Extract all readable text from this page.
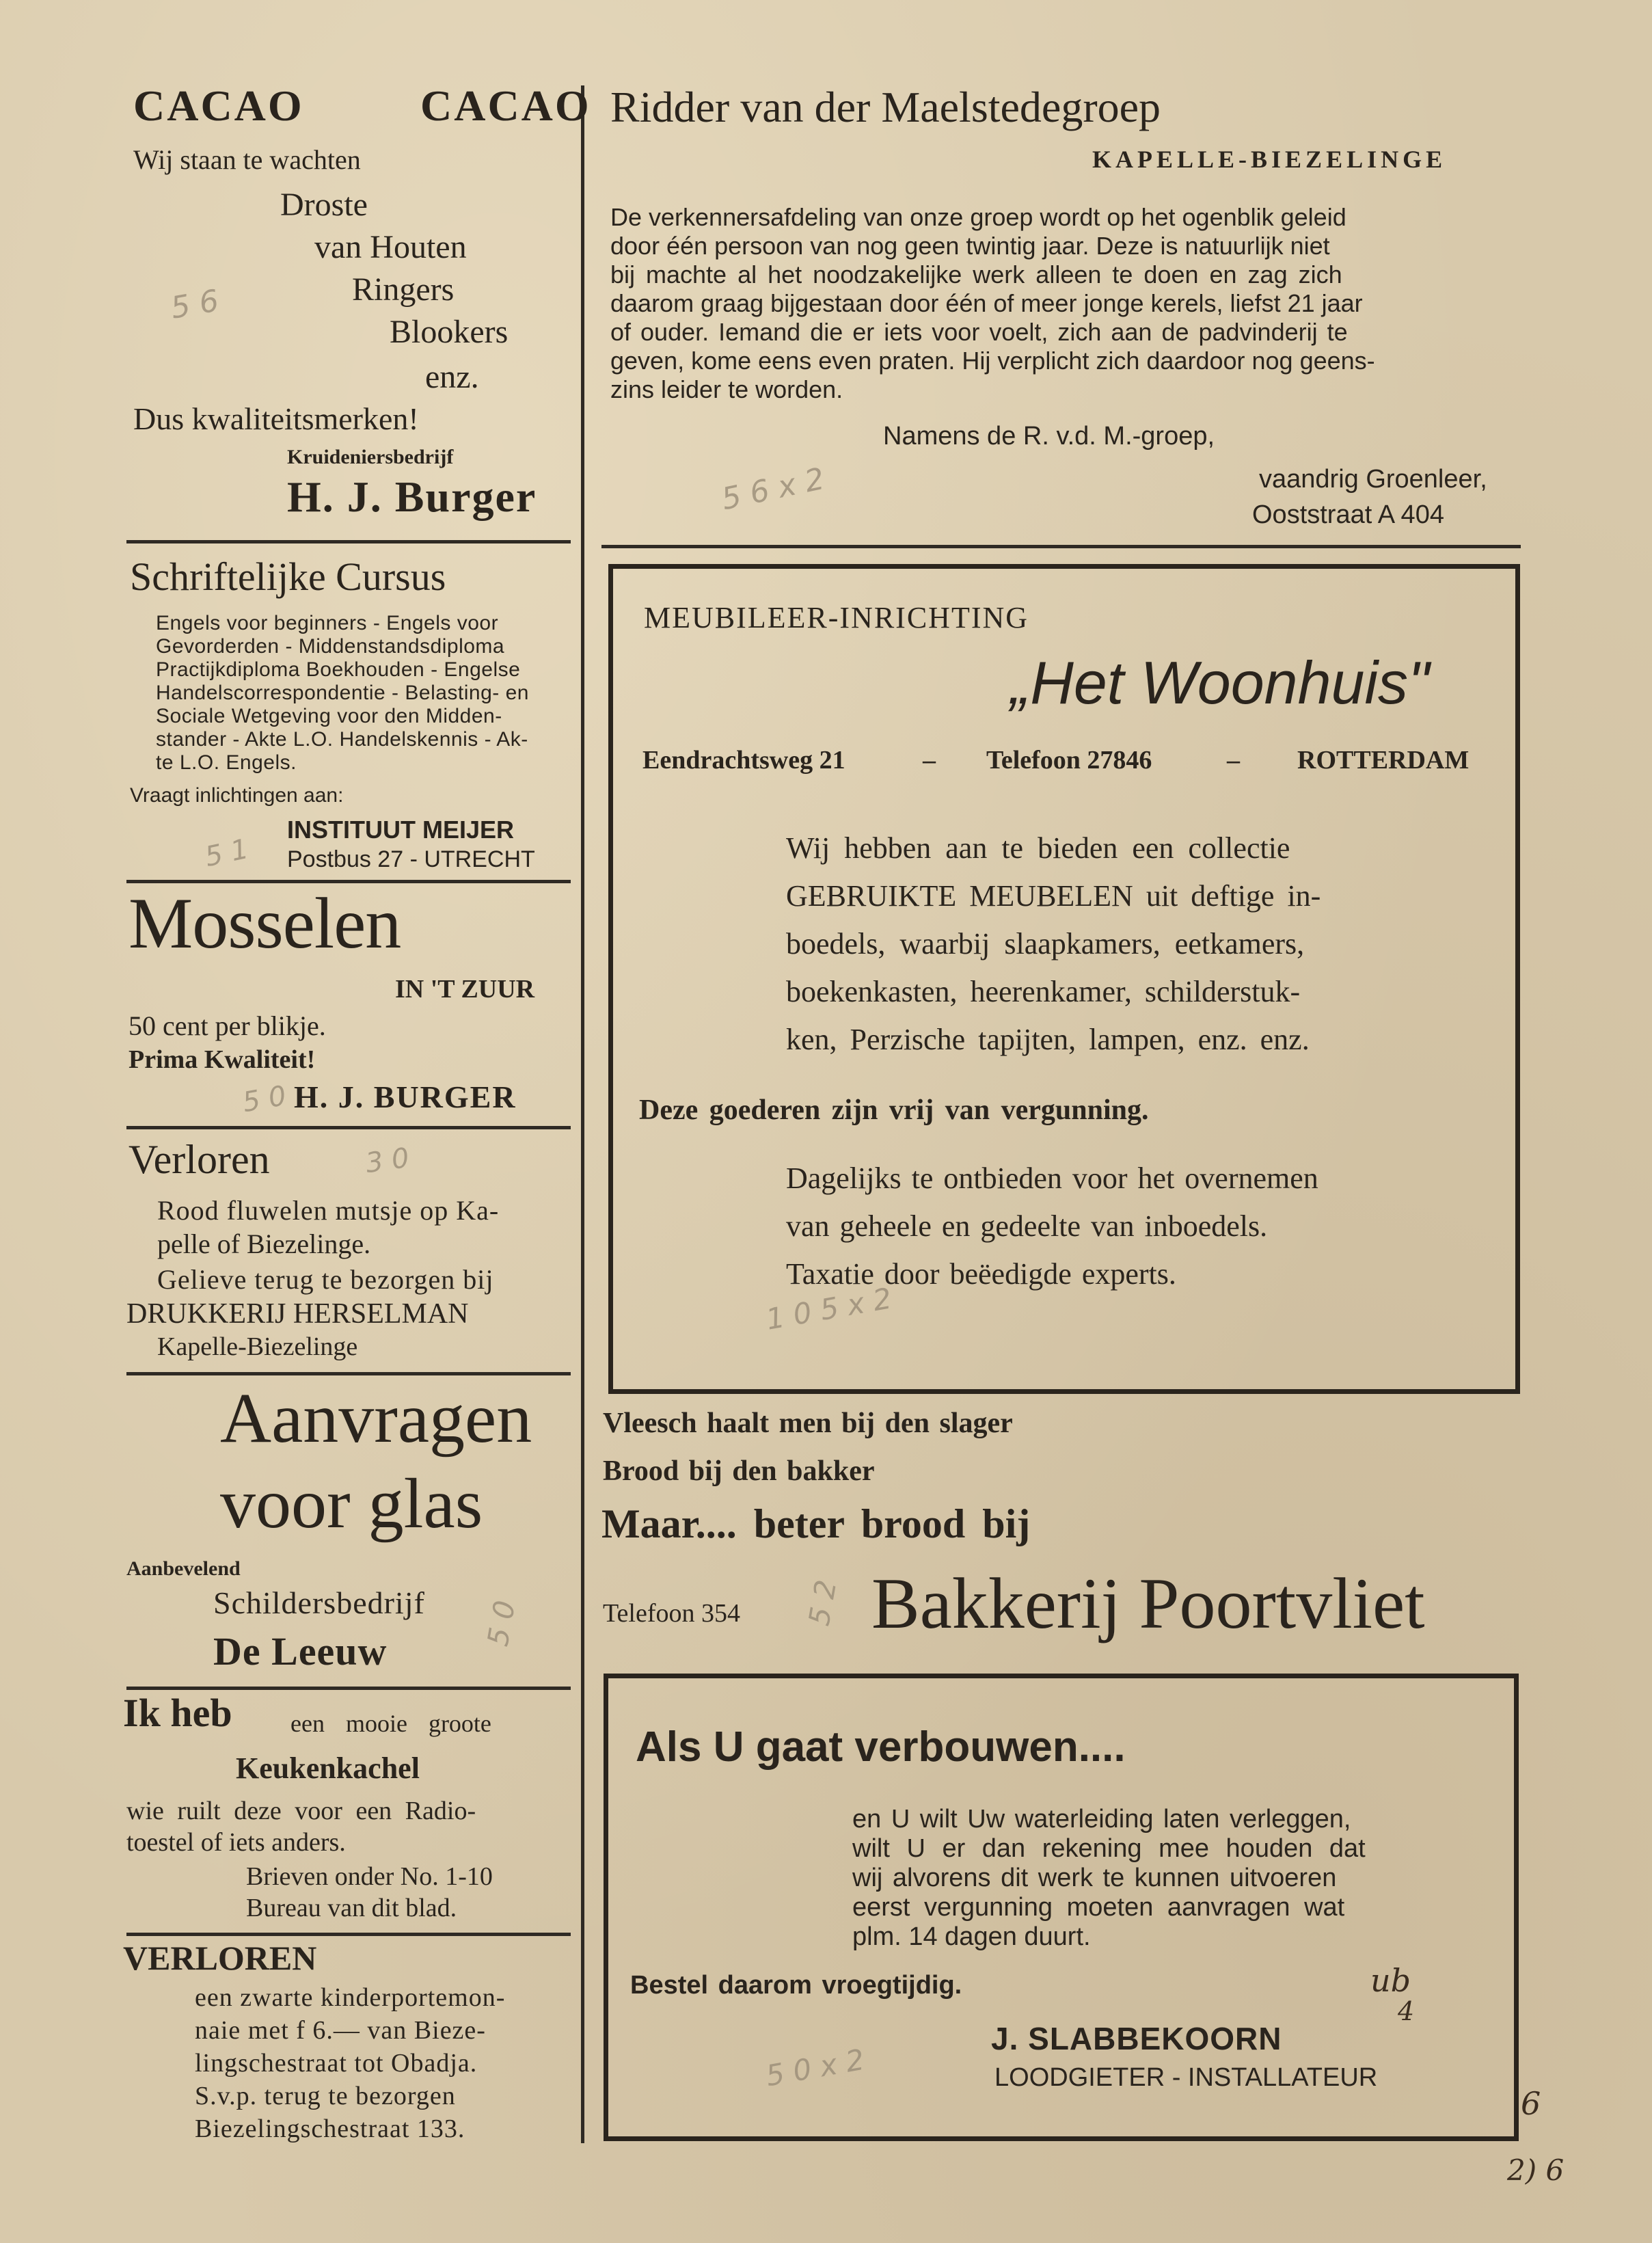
CACAO	CACAO
Wij staan te wachten
Droste
van Houten
Ringers
Blookers
enz.
Dus kwaliteitsmerken!
Kruideniersbedrijf
H. J. Burger
Schriftelijke Cursus
Engels voor beginners - Engels voor
Gevorderden - Middenstandsdiploma
Practijkdiploma Boekhouden - Engelse
Handelscorrespondentie - Belasting- en
Sociale Wetgeving voor den Midden-
stander - Akte L.O. Handelskennis - Ak-
te L.O. Engels.
Vraagt inlichtingen aan:
INSTITUUT MEIJER
Postbus 27 - UTRECHT
Mosselen
IN 'T ZUUR
50 cent per blikje.
Prima Kwaliteit!
H. J. BURGER
Verloren
Rood fluwelen mutsje op Ka-
pelle of Biezelinge.
Gelieve terug te bezorgen bij
DRUKKERIJ HERSELMAN
Kapelle-Biezelinge
Aanvragen
voor glas
Aanbevelend
Schildersbedrijf
De Leeuw
Ik heb een mooie groote
Keukenkachel
wie ruilt deze voor een Radio-
toestel of iets anders.
Brieven onder No. 1-10
Bureau van dit blad.
VERLOREN
een zwarte kinderportemon-
naie met f 6.— van Bieze-
lingschestraat tot Obadja.
S.v.p. terug te bezorgen
Biezelingschestraat 133.
Ridder van der Maelstedegroep
KAPELLE-BIEZELINGE
De verkennersafdeling van onze groep wordt op het ogenblik geleid
door één persoon van nog geen twintig jaar. Deze is natuurlijk niet
bij machte al het noodzakelijke werk alleen te doen en zag zich
daarom graag bijgestaan door één of meer jonge kerels, liefst 21 jaar
of ouder. Iemand die er iets voor voelt, zich aan de padvinderij te
geven, kome eens even praten. Hij verplicht zich daardoor nog geens-
zins leider te worden.
Namens de R. v.d. M.-groep,
vaandrig Groenleer,
Ooststraat A 404
MEUBILEER-INRICHTING
„Het Woonhuis"
Eendrachtsweg 21	– Telefoon 27846	– ROTTERDAM
Wij hebben aan te bieden een collectie
GEBRUIKTE MEUBELEN uit deftige in-
boedels, waarbij slaapkamers, eetkamers,
boekenkasten, heerenkamer, schilderstuk-
ken, Perzische tapijten, lampen, enz. enz.
Deze goederen zijn vrij van vergunning.
Dagelijks te ontbieden voor het overnemen
van geheele en gedeelte van inboedels.
Taxatie door beëedigde experts.
Vleesch haalt men bij den slager
Brood bij den bakker
Maar.... beter brood bij
Telefoon 354 Bakkerij Poortvliet
Als U gaat verbouwen....
en U wilt Uw waterleiding laten verleggen,
wilt U er dan rekening mee houden dat
wij alvorens dit werk te kunnen uitvoeren
eerst vergunning moeten aanvragen wat
plm. 14 dagen duurt.
Bestel daarom vroegtijdig.
J. SLABBEKOORN
LOODGIETER - INSTALLATEUR
5 6
5 6 x 2
5 1
5 0
3 0
1 0 5 x 2
5 2
5 0
5 0 x 2
ub
4
6
2) 6
